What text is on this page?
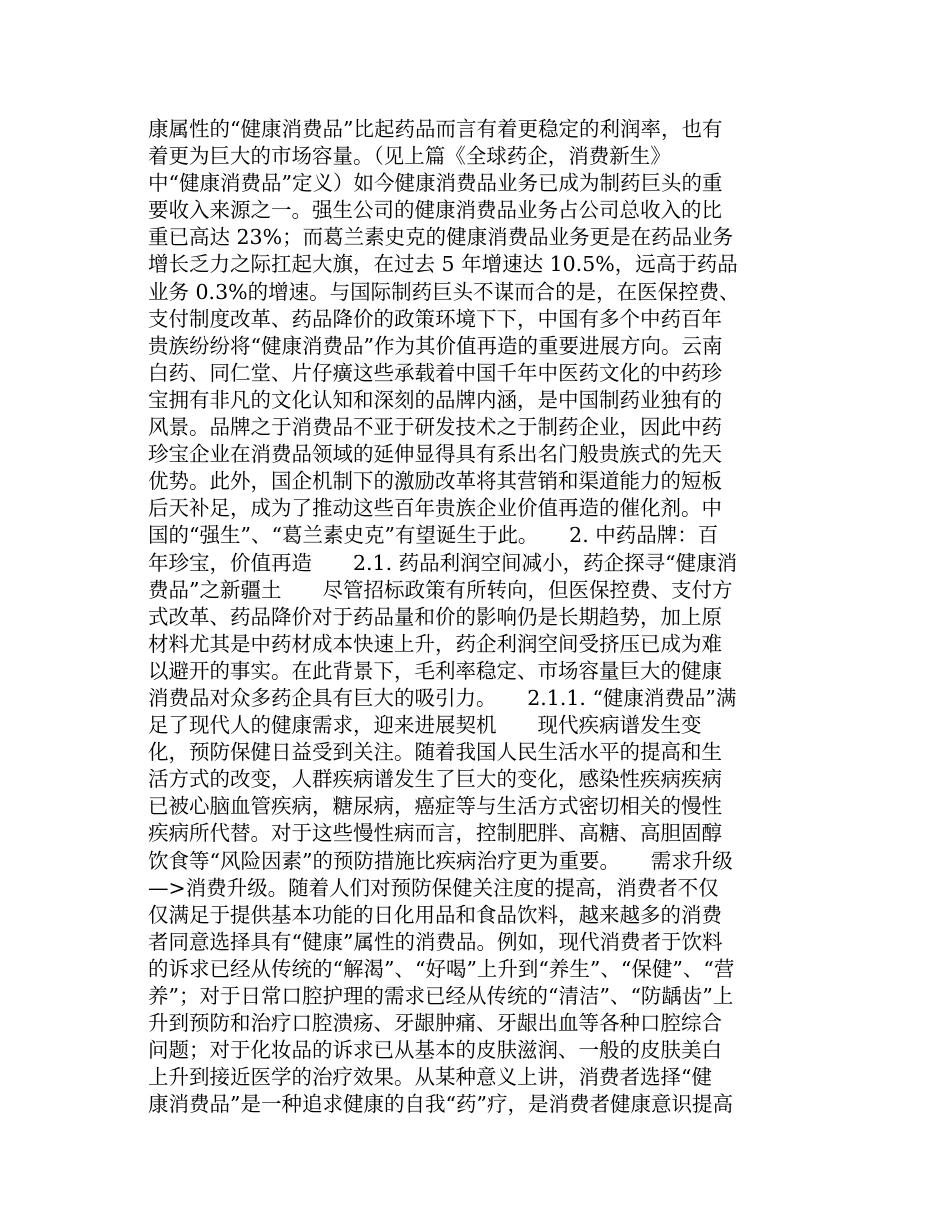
康属性的“健康消费品”比起药品而言有着更稳定的利润率，也有
着更为巨大的市场容量。（见上篇《全球药企，消费新生》
中“健康消费品”定义）如今健康消费品业务已成为制药巨头的重
要收入来源之一。强生公司的健康消费品业务占公司总收入的比
重已高达 23%；而葛兰素史克的健康消费品业务更是在药品业务
增长乏力之际扛起大旗，在过去 5 年增速达 10.5%，远高于药品
业务 0.3%的增速。与国际制药巨头不谋而合的是，在医保控费、
支付制度改革、药品降价的政策环境下下，中国有多个中药百年
贵族纷纷将“健康消费品”作为其价值再造的重要进展方向。云南
白药、同仁堂、片仔癀这些承载着中国千年中医药文化的中药珍
宝拥有非凡的文化认知和深刻的品牌内涵，是中国制药业独有的
风景。品牌之于消费品不亚于研发技术之于制药企业，因此中药
珍宝企业在消费品领域的延伸显得具有系出名门般贵族式的先天
优势。此外，国企机制下的激励改革将其营销和渠道能力的短板
后天补足，成为了推动这些百年贵族企业价值再造的催化剂。中
国的“强生”、“葛兰素史克”有望诞生于此。　　2. 中药品牌：百
年珍宝，价值再造　　2.1. 药品利润空间减小，药企探寻“健康消
费品”之新疆土　　尽管招标政策有所转向，但医保控费、支付方
式改革、药品降价对于药品量和价的影响仍是长期趋势，加上原
材料尤其是中药材成本快速上升，药企利润空间受挤压已成为难
以避开的事实。在此背景下，毛利率稳定、市场容量巨大的健康
消费品对众多药企具有巨大的吸引力。　　2.1.1. “健康消费品”满
足了现代人的健康需求，迎来进展契机　　现代疾病谱发生变
化，预防保健日益受到关注。随着我国人民生活水平的提高和生
活方式的改变，人群疾病谱发生了巨大的变化，感染性疾病疾病
已被心脑血管疾病，糖尿病，癌症等与生活方式密切相关的慢性
疾病所代替。对于这些慢性病而言，控制肥胖、高糖、高胆固醇
饮食等“风险因素”的预防措施比疾病治疗更为重要。　　需求升级
—>消费升级。随着人们对预防保健关注度的提高，消费者不仅
仅满足于提供基本功能的日化用品和食品饮料，越来越多的消费
者同意选择具有“健康”属性的消费品。例如，现代消费者于饮料
的诉求已经从传统的“解渴”、“好喝”上升到“养生”、“保健”、“营
养”；对于日常口腔护理的需求已经从传统的“清洁”、“防龋齿”上
升到预防和治疗口腔溃疡、牙龈肿痛、牙龈出血等各种口腔综合
问题；对于化妆品的诉求已从基本的皮肤滋润、一般的皮肤美白
上升到接近医学的治疗效果。从某种意义上讲，消费者选择“健
康消费品”是一种追求健康的自我“药”疗，是消费者健康意识提高
